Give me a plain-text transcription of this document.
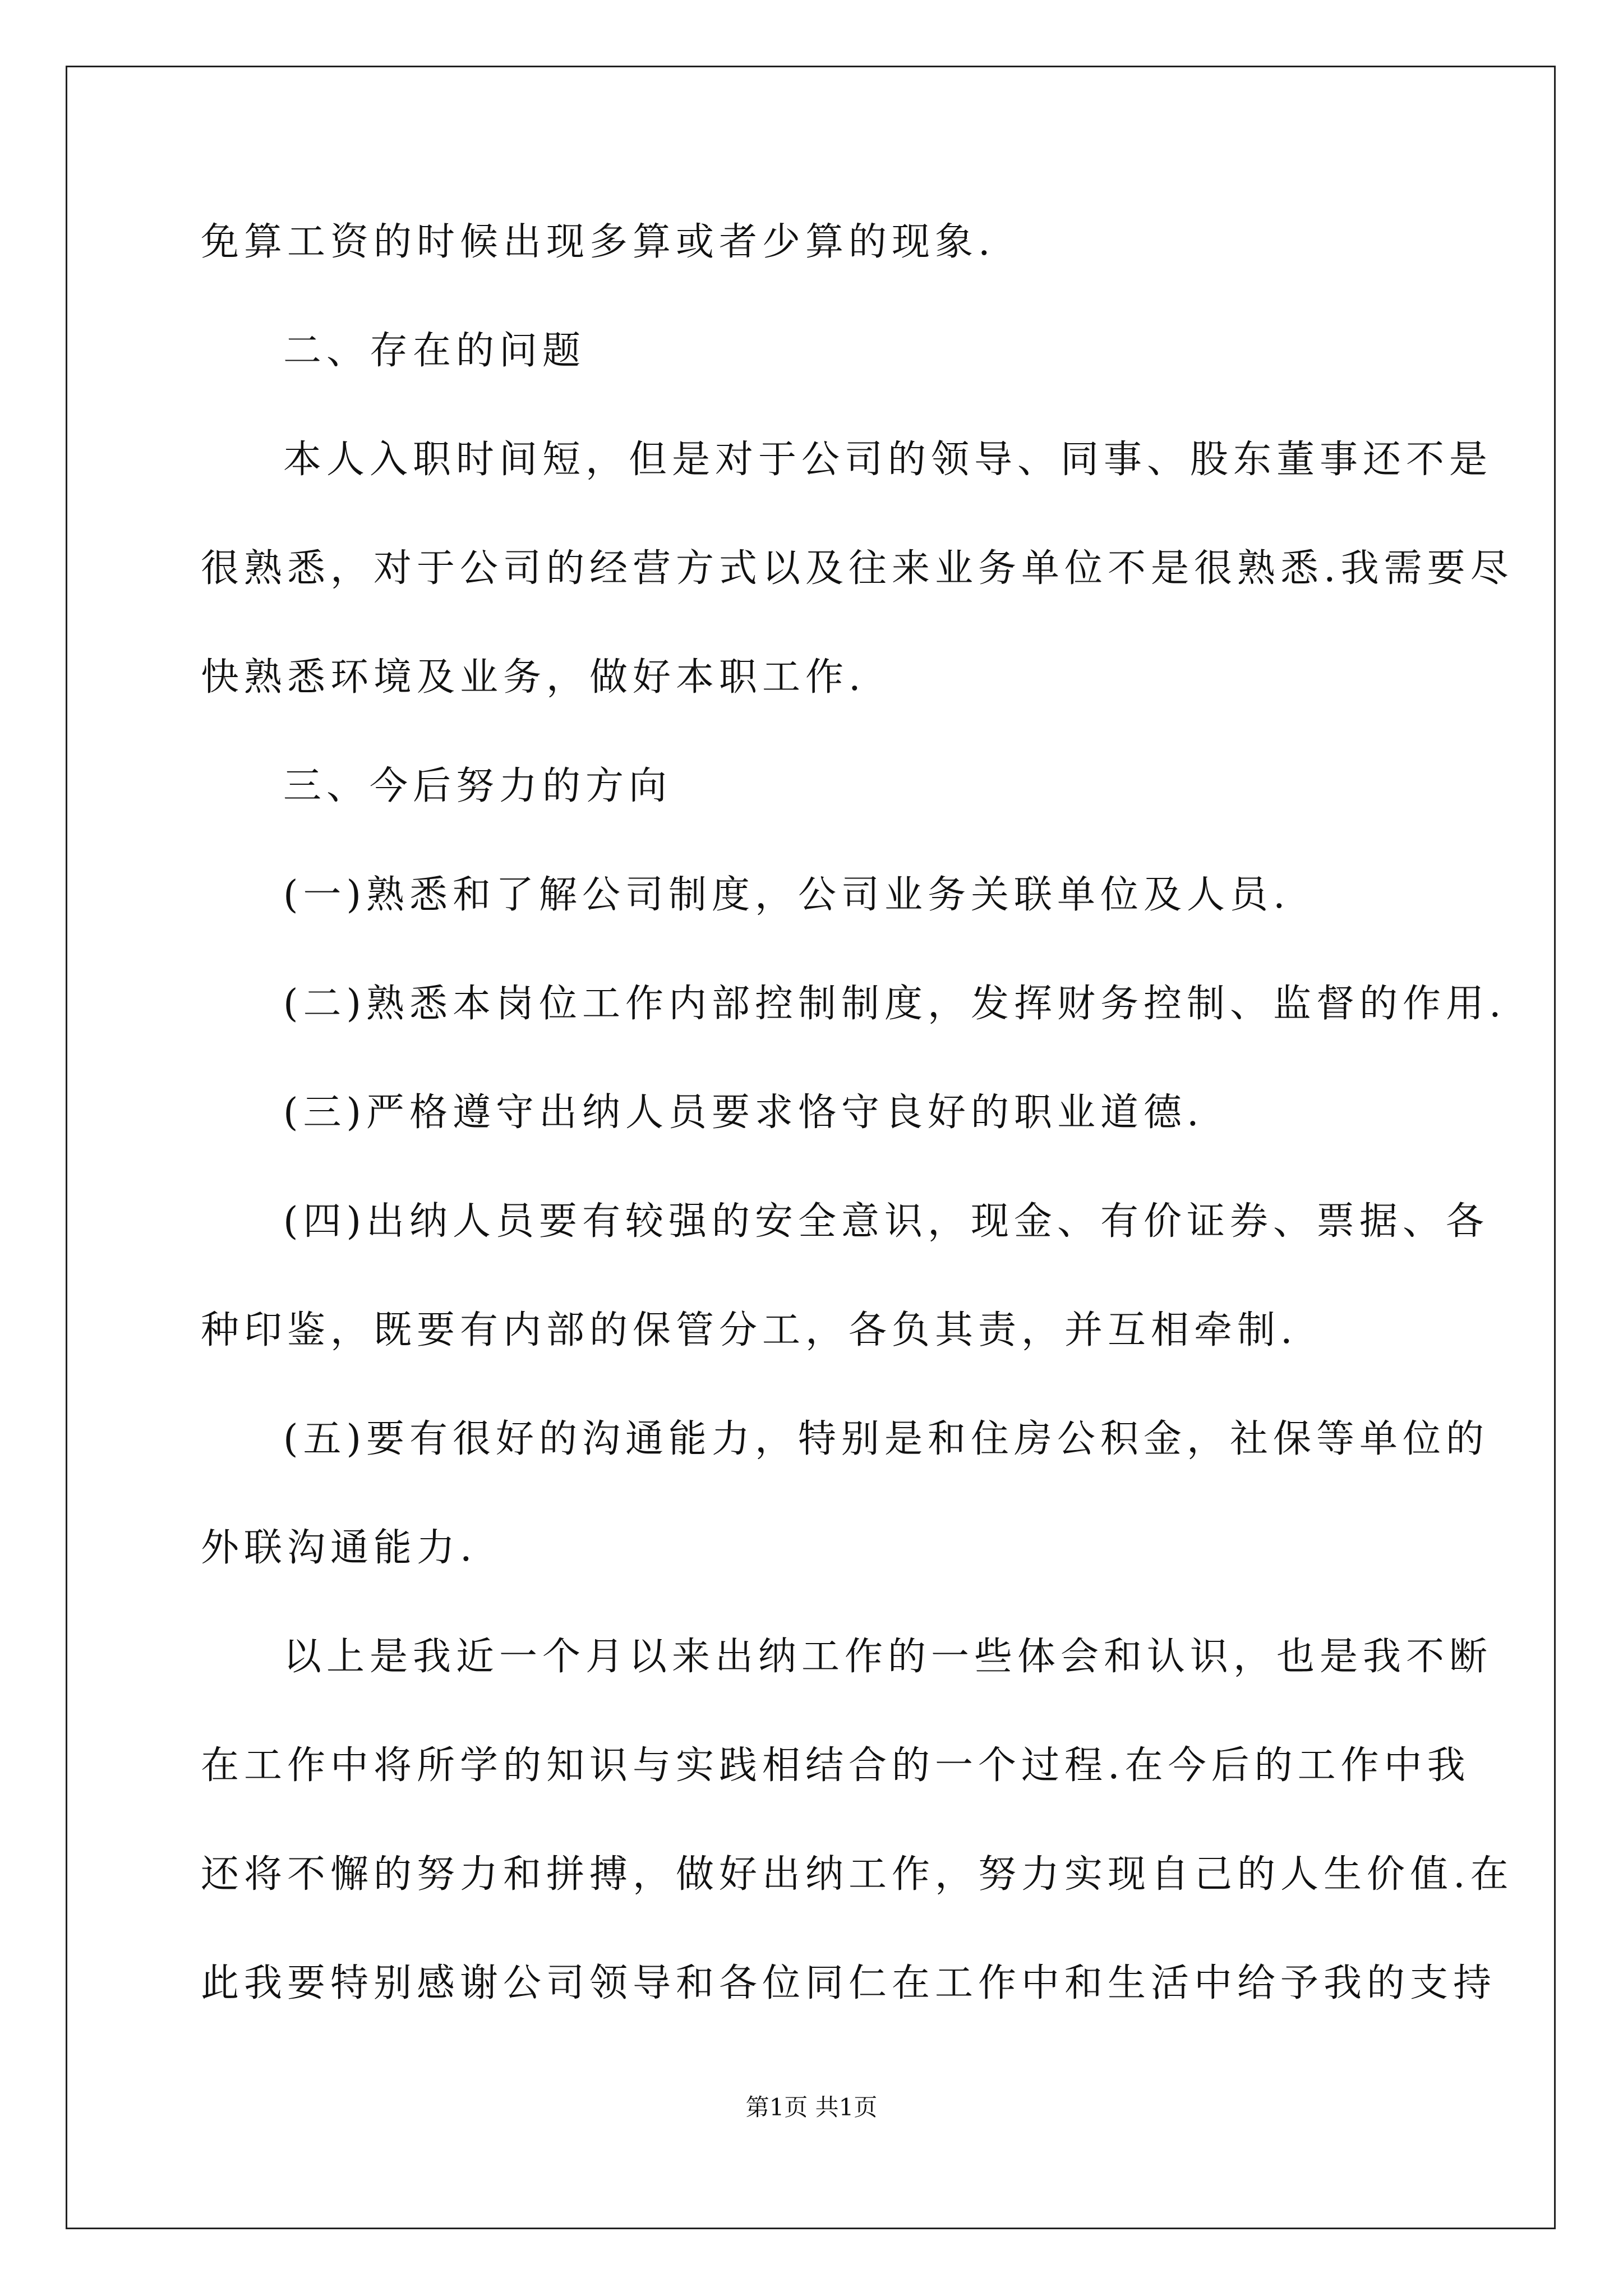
免算工资的时候出现多算或者少算的现象.
二、存在的问题
本人入职时间短，但是对于公司的领导、同事、股东董事还不是
很熟悉，对于公司的经营方式以及往来业务单位不是很熟悉.我需要尽
快熟悉环境及业务，做好本职工作.
三、今后努力的方向
(一)熟悉和了解公司制度，公司业务关联单位及人员.
(二)熟悉本岗位工作内部控制制度，发挥财务控制、监督的作用.
(三)严格遵守出纳人员要求恪守良好的职业道德.
(四)出纳人员要有较强的安全意识，现金、有价证券、票据、各
种印鉴，既要有内部的保管分工，各负其责，并互相牵制.
(五)要有很好的沟通能力，特别是和住房公积金，社保等单位的
外联沟通能力.
以上是我近一个月以来出纳工作的一些体会和认识，也是我不断
在工作中将所学的知识与实践相结合的一个过程.在今后的工作中我
还将不懈的努力和拼搏，做好出纳工作，努力实现自己的人生价值.在
此我要特别感谢公司领导和各位同仁在工作中和生活中给予我的支持
第1页 共1页
